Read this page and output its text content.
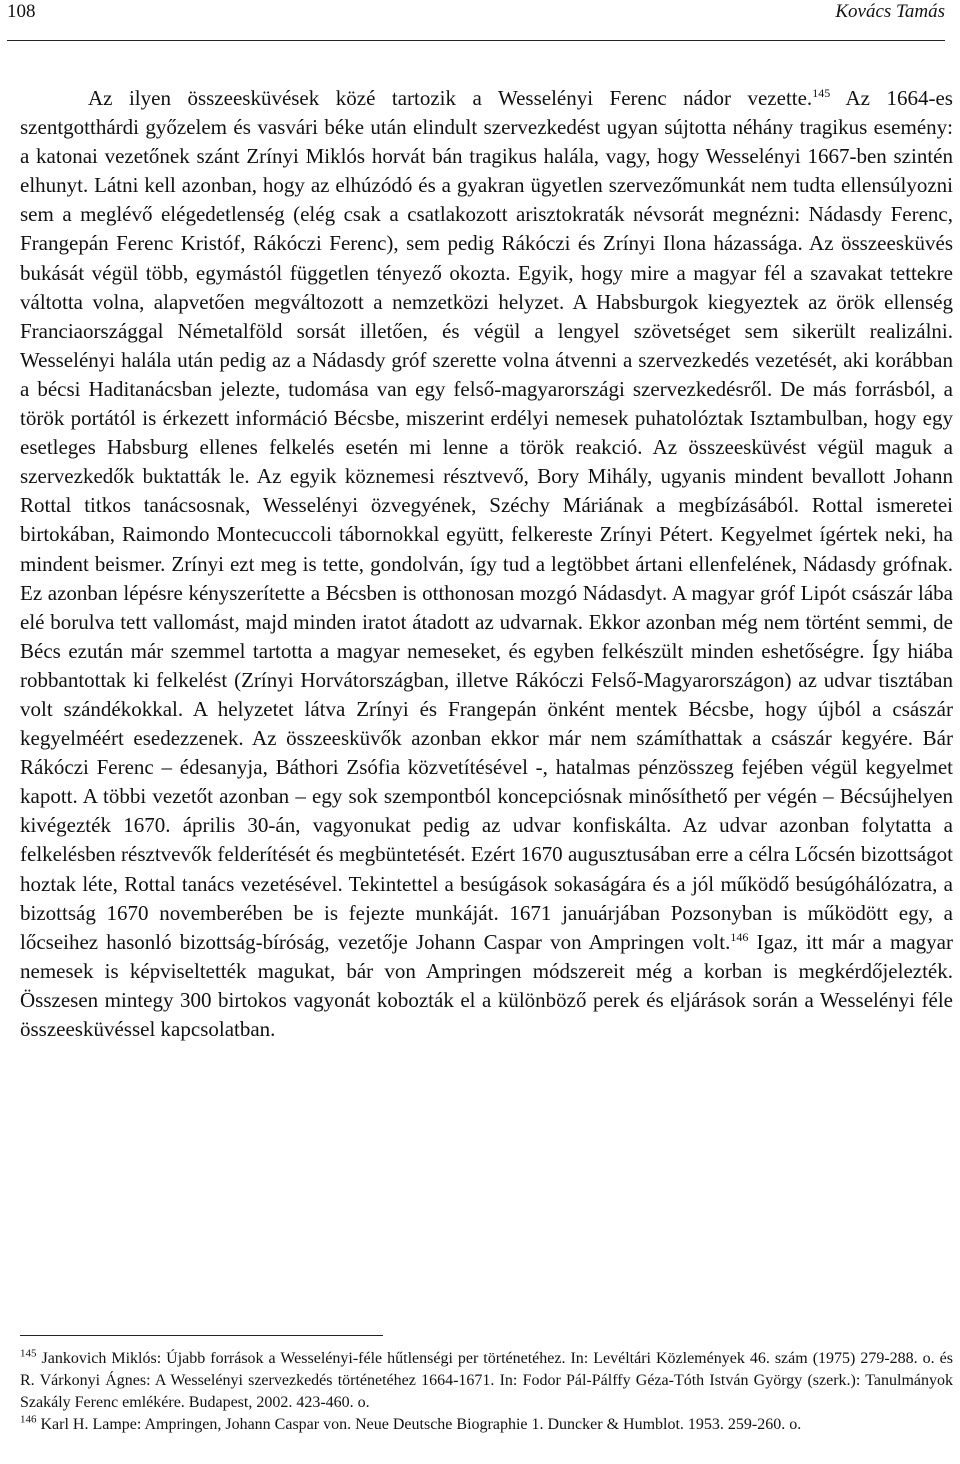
108	Kovács Tamás

Az ilyen összeesküvések közé tartozik a Wesselényi Ferenc nádor vezette.$^{145}$ Az 1664-es szentgotthárdi győzelem és vasvári béke után elindult szervezkedést ugyan sújtotta néhány tragikus esemény: a katonai vezetőnek szánt Zrínyi Miklós horvát bán tragikus halála, vagy, hogy Wesselényi 1667-ben szintén elhunyt. Látni kell azonban, hogy az elhúzódó és a gyakran ügyetlen szervezőmunkát nem tudta ellensúlyozni sem a meglévő elégedetlenség (elég csak a csatlakozott arisztokraták névsorát megnézni: Nádasdy Ferenc, Frangepán Ferenc Kristóf, Rákóczi Ferenc), sem pedig Rákóczi és Zrínyi Ilona házassága. Az összeesküvés bukását végül több, egymástól független tényező okozta. Egyik, hogy mire a magyar fél a szavakat tettekre váltotta volna, alapvetően megváltozott a nemzetközi helyzet. A Habsburgok kiegyeztek az örök ellenség Franciaországgal Németalföld sorsát illetően, és végül a lengyel szövetséget sem sikerült realizálni. Wesselényi halála után pedig az a Nádasdy gróf szerette volna átvenni a szervezkedés vezetését, aki korábban a bécsi Haditanácsban jelezte, tudomása van egy felső-magyarországi szervezkedésről. De más forrásból, a török portától is érkezett információ Bécsbe, miszerint erdélyi nemesek puhatolóztak Isztambulban, hogy egy esetleges Habsburg ellenes felkelés esetén mi lenne a török reakció. Az összeesküvést végül maguk a szervezkedők buktatták le. Az egyik köznemesi résztvevő, Bory Mihály, ugyanis mindent bevallott Johann Rottal titkos tanácsosnak, Wesselényi özvegyének, Széchy Máriának a megbízásából. Rottal ismeretei birtokában, Raimondo Montecuccoli tábornokkal együtt, felkereste Zrínyi Pétert. Kegyelmet ígértek neki, ha mindent beismer. Zrínyi ezt meg is tette, gondolván, így tud a legtöbbet ártani ellenfelének, Nádasdy grófnak. Ez azonban lépésre kényszerítette a Bécsben is otthonosan mozgó Nádasdyt. A magyar gróf Lipót császár lába elé borulva tett vallomást, majd minden iratot átadott az udvarnak. Ekkor azonban még nem történt semmi, de Bécs ezután már szemmel tartotta a magyar nemeseket, és egyben felkészült minden eshetőségre. Így hiába robbantottak ki felkelést (Zrínyi Horvátországban, illetve Rákóczi Felső-Magyarországon) az udvar tisztában volt szándékokkal. A helyzetet látva Zrínyi és Frangepán önként mentek Bécsbe, hogy újból a császár kegyelméért esedezzenek. Az összeesküvők azonban ekkor már nem számíthattak a császár kegyére. Bár Rákóczi Ferenc – édesanyja, Báthori Zsófia közvetítésével -, hatalmas pénzösszeg fejében végül kegyelmet kapott. A többi vezetőt azonban – egy sok szempontból koncepciósnak minősíthető per végén – Bécsújhelyen kivégezték 1670. április 30-án, vagyonukat pedig az udvar konfiskálta. Az udvar azonban folytatta a felkelésben résztvevők felderítését és megbüntetését. Ezért 1670 augusztusában erre a célra Lőcsén bizottságot hoztak léte, Rottal tanács vezetésével. Tekintettel a besúgások sokaságára és a jól működő besúgóhálózatra, a bizottság 1670 novemberében be is fejezte munkáját. 1671 januárjában Pozsonyban is működött egy, a lőcseihez hasonló bizottság-bíróság, vezetője Johann Caspar von Ampringen volt.$^{146}$ Igaz, itt már a magyar nemesek is képviseltették magukat, bár von Ampringen módszereit még a korban is megkérdőjelezték. Összesen mintegy 300 birtokos vagyonát kobozták el a különböző perek és eljárások során a Wesselényi féle összeesküvéssel kapcsolatban.

$^{145}$ Jankovich Miklós: Újabb források a Wesselényi-féle hűtlenségi per történetéhez. In: Levéltári Közlemények 46. szám (1975) 279-288. o. és R. Várkonyi Ágnes: A Wesselényi szervezkedés történetéhez 1664-1671. In: Fodor Pál-Pálffy Géza-Tóth István György (szerk.): Tanulmányok Szakály Ferenc emlékére. Budapest, 2002. 423-460. o.

$^{146}$ Karl H. Lampe: Ampringen, Johann Caspar von. Neue Deutsche Biographie 1. Duncker & Humblot. 1953. 259-260. o.
